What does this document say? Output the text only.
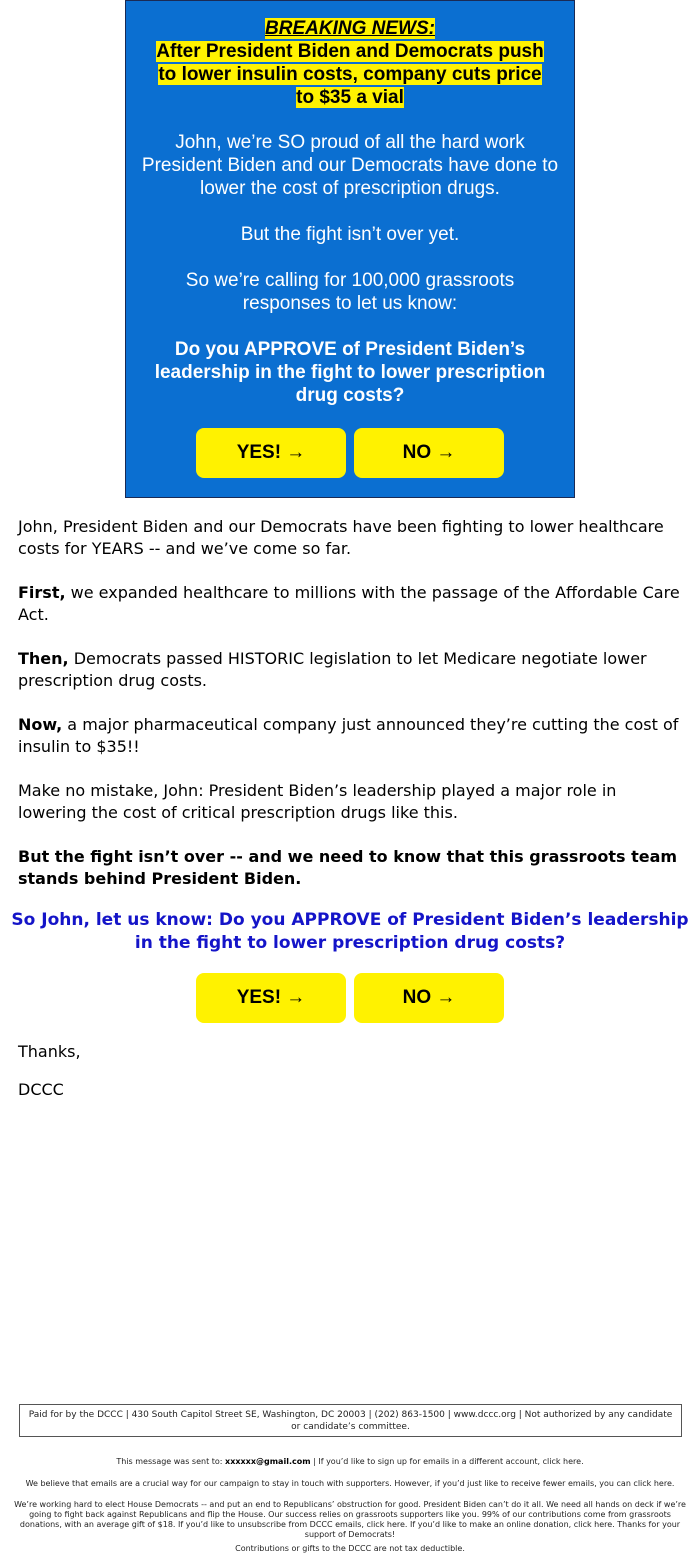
BREAKING NEWS:
After President Biden and Democrats push
to lower insulin costs, company cuts price
to $35 a vial

John, we’re SO proud of all the hard work President Biden and our Democrats have done to lower the cost of prescription drugs.

But the fight isn’t over yet.

So we’re calling for 100,000 grassroots responses to let us know:

Do you APPROVE of President Biden’s leadership in the fight to lower prescription drug costs?

YES! →	NO →

John, President Biden and our Democrats have been fighting to lower healthcare costs for YEARS -- and we’ve come so far.

First, we expanded healthcare to millions with the passage of the Affordable Care Act.

Then, Democrats passed HISTORIC legislation to let Medicare negotiate lower prescription drug costs.

Now, a major pharmaceutical company just announced they’re cutting the cost of insulin to $35!!

Make no mistake, John: President Biden’s leadership played a major role in lowering the cost of critical prescription drugs like this.

But the fight isn’t over -- and we need to know that this grassroots team stands behind President Biden.

So John, let us know: Do you APPROVE of President Biden’s leadership in the fight to lower prescription drug costs?
YES! →	NO →

Thanks,

DCCC

Paid for by the DCCC | 430 South Capitol Street SE, Washington, DC 20003 | (202) 863-1500 | www.dccc.org | Not authorized by any candidate or candidate’s committee.
This message was sent to: xxxxxx@gmail.com | If you’d like to sign up for emails in a different account, click here.
We believe that emails are a crucial way for our campaign to stay in touch with supporters. However, if you’d just like to receive fewer emails, you can click here.
We’re working hard to elect House Democrats -- and put an end to Republicans’ obstruction for good. President Biden can’t do it all. We need all hands on deck if we’re going to fight back against Republicans and flip the House. Our success relies on grassroots supporters like you. 99% of our contributions come from grassroots donations, with an average gift of $18. If you’d like to unsubscribe from DCCC emails, click here. If you’d like to make an online donation, click here. Thanks for your support of Democrats!
Contributions or gifts to the DCCC are not tax deductible.
